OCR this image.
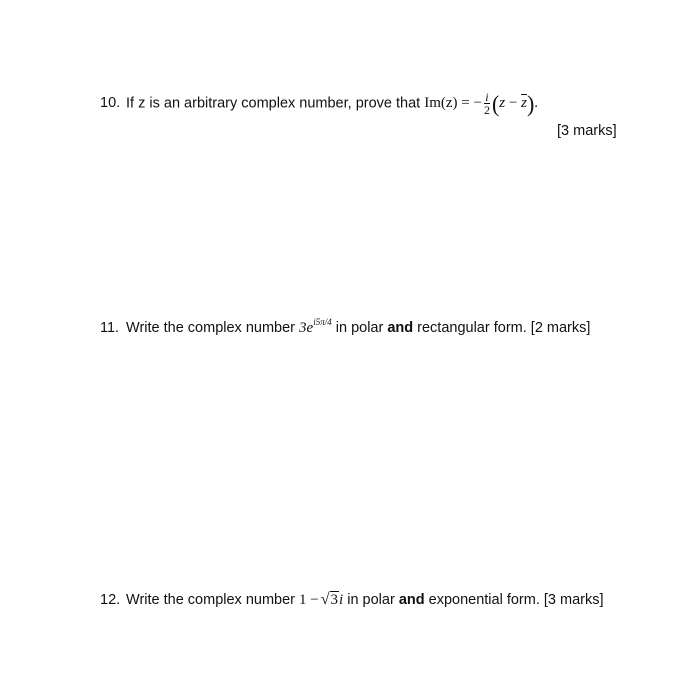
10. If z is an arbitrary complex number, prove that Im(z) = − $\frac{i}{2} (z - \overline{z})$.
[3 marks]
11. Write the complex number $3e^{i5\pi/4}$ in polar and rectangular form. [2 marks]
12. Write the complex number 1 − √3i in polar and exponential form. [3 marks]
